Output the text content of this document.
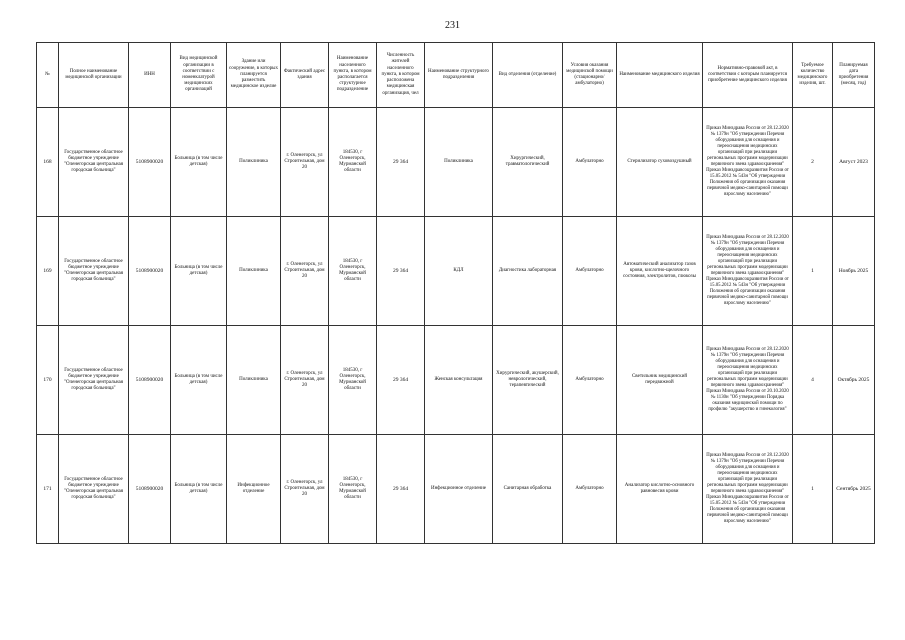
231
№	Полное наименование медицинской организации	ИНН	Вид медицинской организации в соответствии с номенклатурой медицинских организаций	Здание или сооружение, в которых планируется разместить медицинское изделие	Фактический адрес здания	Наименование населенного пункта, в котором располагается структурное подразделение	Численность жителей населенного пункта, в котором расположена медицинская организация, чел	Наименование структурного подразделения	Вид отделения (отделение)	Условия оказания медицинской помощи (стационарно/амбулаторно)	Наименование медицинского изделия	Нормативно-правовой акт, в соответствии с которым планируется приобретение медицинского изделия	Требуемое количество медицинского изделия, шт.	Планируемая дата приобретения (месяц, год)
168	Государственное областное бюджетное учреждение "Оленегорская центральная городская больница"	5108900020	Больница (в том числе детская)	Поликлиника	г. Оленегорск, ул Строительная, дом 20	184530, г Оленегорск, Мурманской области	29 364	Поликлиника	Хирургический, травматологический	Амбулаторно	Стерилизатор суховоздушный	Приказ Минздрава России от 28.12.2020 № 1379н "Об утверждении Перечня оборудования для оснащения и переоснащения медицинских организаций при реализации региональных программ модернизации первичного звена здравоохранения" Приказ Минздравсоцразвития России от 15.05.2012 № 543н "Об утверждении Положения об организации оказания первичной медико-санитарной помощи взрослому населению"	2	Август 2023
169	Государственное областное бюджетное учреждение "Оленегорская центральная городская больница"	5108900020	Больница (в том числе детская)	Поликлиника	г. Оленегорск, ул Строительная, дом 20	184530, г Оленегорск, Мурманской области	29 364	КДЛ	Диагностика лабораторная	Амбулаторно	Автоматический анализатор газов крови, кислотно-щелочного состояния, электролитов, глюкозы	Приказ Минздрава России от 28.12.2020 № 1379н "Об утверждении Перечня оборудования для оснащения и переоснащения медицинских организаций при реализации региональных программ модернизации первичного звена здравоохранения" Приказ Минздравсоцразвития России от 15.05.2012 № 543н "Об утверждении Положения об организации оказания первичной медико-санитарной помощи взрослому населению"	1	Ноябрь 2025
170	Государственное областное бюджетное учреждение "Оленегорская центральная городская больница"	5108900020	Больница (в том числе детская)	Поликлиника	г. Оленегорск, ул Строительная, дом 20	184530, г Оленегорск, Мурманской области	29 364	Женская консультация	Хирургический, акушерский, неврологический, терапевтический	Амбулаторно	Светильник медицинский передвижной	Приказ Минздрава России от 28.12.2020 № 1379н "Об утверждении Перечня оборудования для оснащения и переоснащения медицинских организаций при реализации региональных программ модернизации первичного звена здравоохранения" Приказ Минздрава России от 20.10.2020 № 1130н "Об утверждении Порядка оказания медицинской помощи по профилю "акушерство и гинекология"	4	Октябрь 2025
171	Государственное областное бюджетное учреждение "Оленегорская центральная городская больница"	5108900020	Больница (в том числе детская)	Инфекционное отделение	г. Оленегорск, ул Строительная, дом 20	184530, г Оленегорск, Мурманской области	29 364	Инфекционное отделение	Санитарная обработка	Амбулаторно	Анализатор кислотно-основного равновесия крови	Приказ Минздрава России от 28.12.2020 № 1379н "Об утверждении Перечня оборудования для оснащения и переоснащения медицинских организаций при реализации региональных программ модернизации первичного звена здравоохранения" Приказ Минздравсоцразвития России от 15.05.2012 № 543н "Об утверждении Положения об организации оказания первичной медико-санитарной помощи взрослому населению"	1	Сентябрь 2025
